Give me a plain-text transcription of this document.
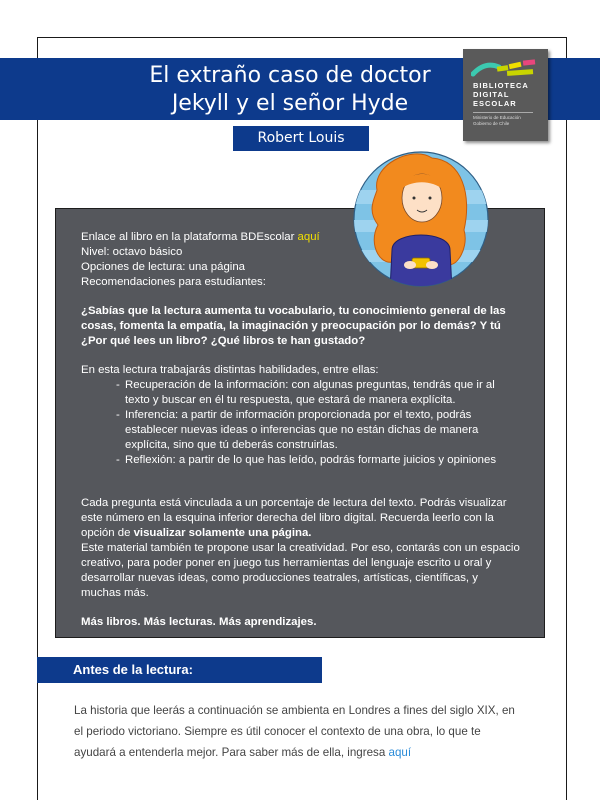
El extraño caso de doctor
Jekyll y el señor Hyde
Robert Louis
BIBLIOTECA
DIGITAL
ESCOLAR
Ministerio de Educación
Gobierno de Chile

Enlace al libro en la plataforma BDEscolar aquí

Nivel: octavo básico

Opciones de lectura: una página

Recomendaciones para estudiantes:

¿Sabías que la lectura aumenta tu vocabulario, tu conocimiento general de las cosas, fomenta la empatía, la imaginación y preocupación por lo demás? Y tú ¿Por qué lees un libro? ¿Qué libros te han gustado?

En esta lectura trabajarás distintas habilidades, entre ellas:

- Recuperación de la información: con algunas preguntas, tendrás que ir al texto y buscar en él tu respuesta, que estará de manera explícita.
- Inferencia: a partir de información proporcionada por el texto, podrás establecer nuevas ideas o inferencias que no están dichas de manera explícita, sino que tú deberás construirlas.
- Reflexión: a partir de lo que has leído, podrás formarte juicios y opiniones

Cada pregunta está vinculada a un porcentaje de lectura del texto. Podrás visualizar este número en la esquina inferior derecha del libro digital. Recuerda leerlo con la opción de visualizar solamente una página.

Este material también te propone usar la creatividad. Por eso, contarás con un espacio creativo, para poder poner en juego tus herramientas del lenguaje escrito u oral y desarrollar nuevas ideas, como producciones teatrales, artísticas, científicas, y muchas más.

Más libros. Más lecturas. Más aprendizajes.

Antes de la lectura:

La historia que leerás a continuación se ambienta en Londres a fines del siglo XIX, en el periodo victoriano. Siempre es útil conocer el contexto de una obra, lo que te ayudará a entenderla mejor. Para saber más de ella, ingresa aquí
